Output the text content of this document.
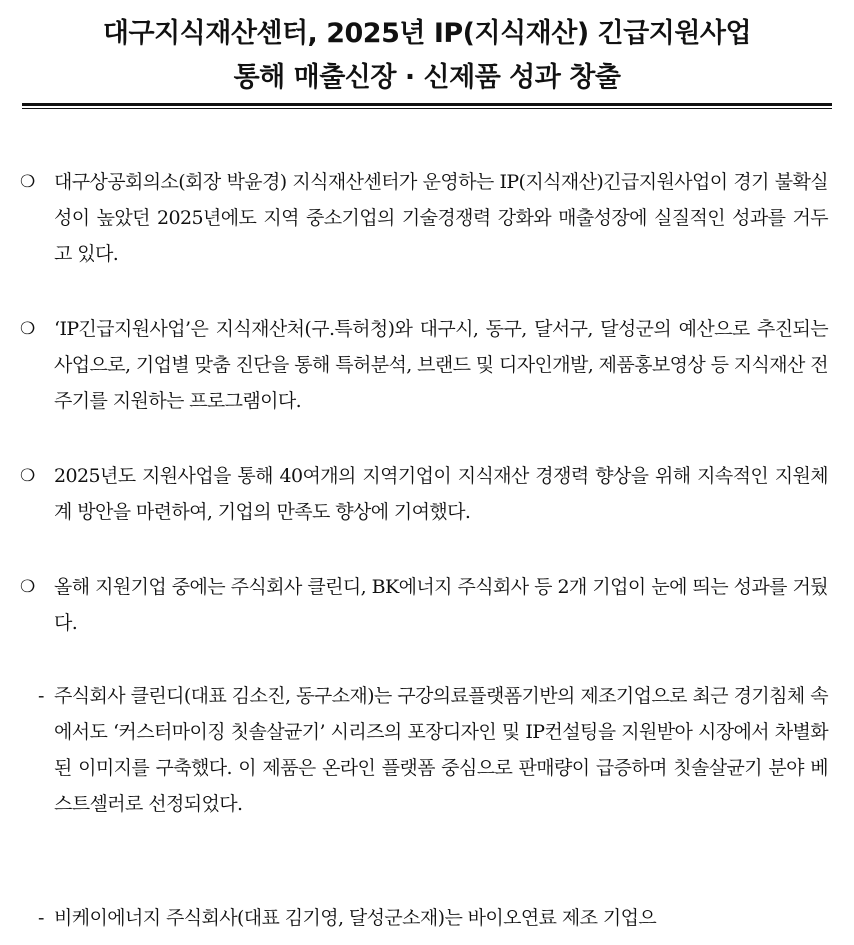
대구지식재산센터, 2025년 IP(지식재산) 긴급지원사업
통해 매출신장 · 신제품 성과 창출
❍ 대구상공회의소(회장 박윤경) 지식재산센터가 운영하는 IP(지식재산)긴급지원사업이 경기 불확실성이 높았던 2025년에도 지역 중소기업의 기술경쟁력 강화와 매출성장에 실질적인 성과를 거두고 있다.
❍ ‘IP긴급지원사업’은 지식재산처(구.특허청)와 대구시, 동구, 달서구, 달성군의 예산으로 추진되는 사업으로, 기업별 맞춤 진단을 통해 특허분석, 브랜드 및 디자인개발, 제품홍보영상 등 지식재산 전 주기를 지원하는 프로그램이다.
❍ 2025년도 지원사업을 통해 40여개의 지역기업이 지식재산 경쟁력 향상을 위해 지속적인 지원체계 방안을 마련하여, 기업의 만족도 향상에 기여했다.
❍ 올해 지원기업 중에는 주식회사 클린디, BK에너지 주식회사 등 2개 기업이 눈에 띄는 성과를 거뒀다.
- 주식회사 클린디(대표 김소진, 동구소재)는 구강의료플랫폼기반의 제조기업으로 최근 경기침체 속에서도 ‘커스터마이징 칫솔살균기’ 시리즈의 포장디자인 및 IP컨설팅을 지원받아 시장에서 차별화된 이미지를 구축했다. 이 제품은 온라인 플랫폼 중심으로 판매량이 급증하며 칫솔살균기 분야 베스트셀러로 선정되었다.
- 비케이에너지 주식회사(대표 김기영, 달성군소재)는 바이오연료 제조 기업으
